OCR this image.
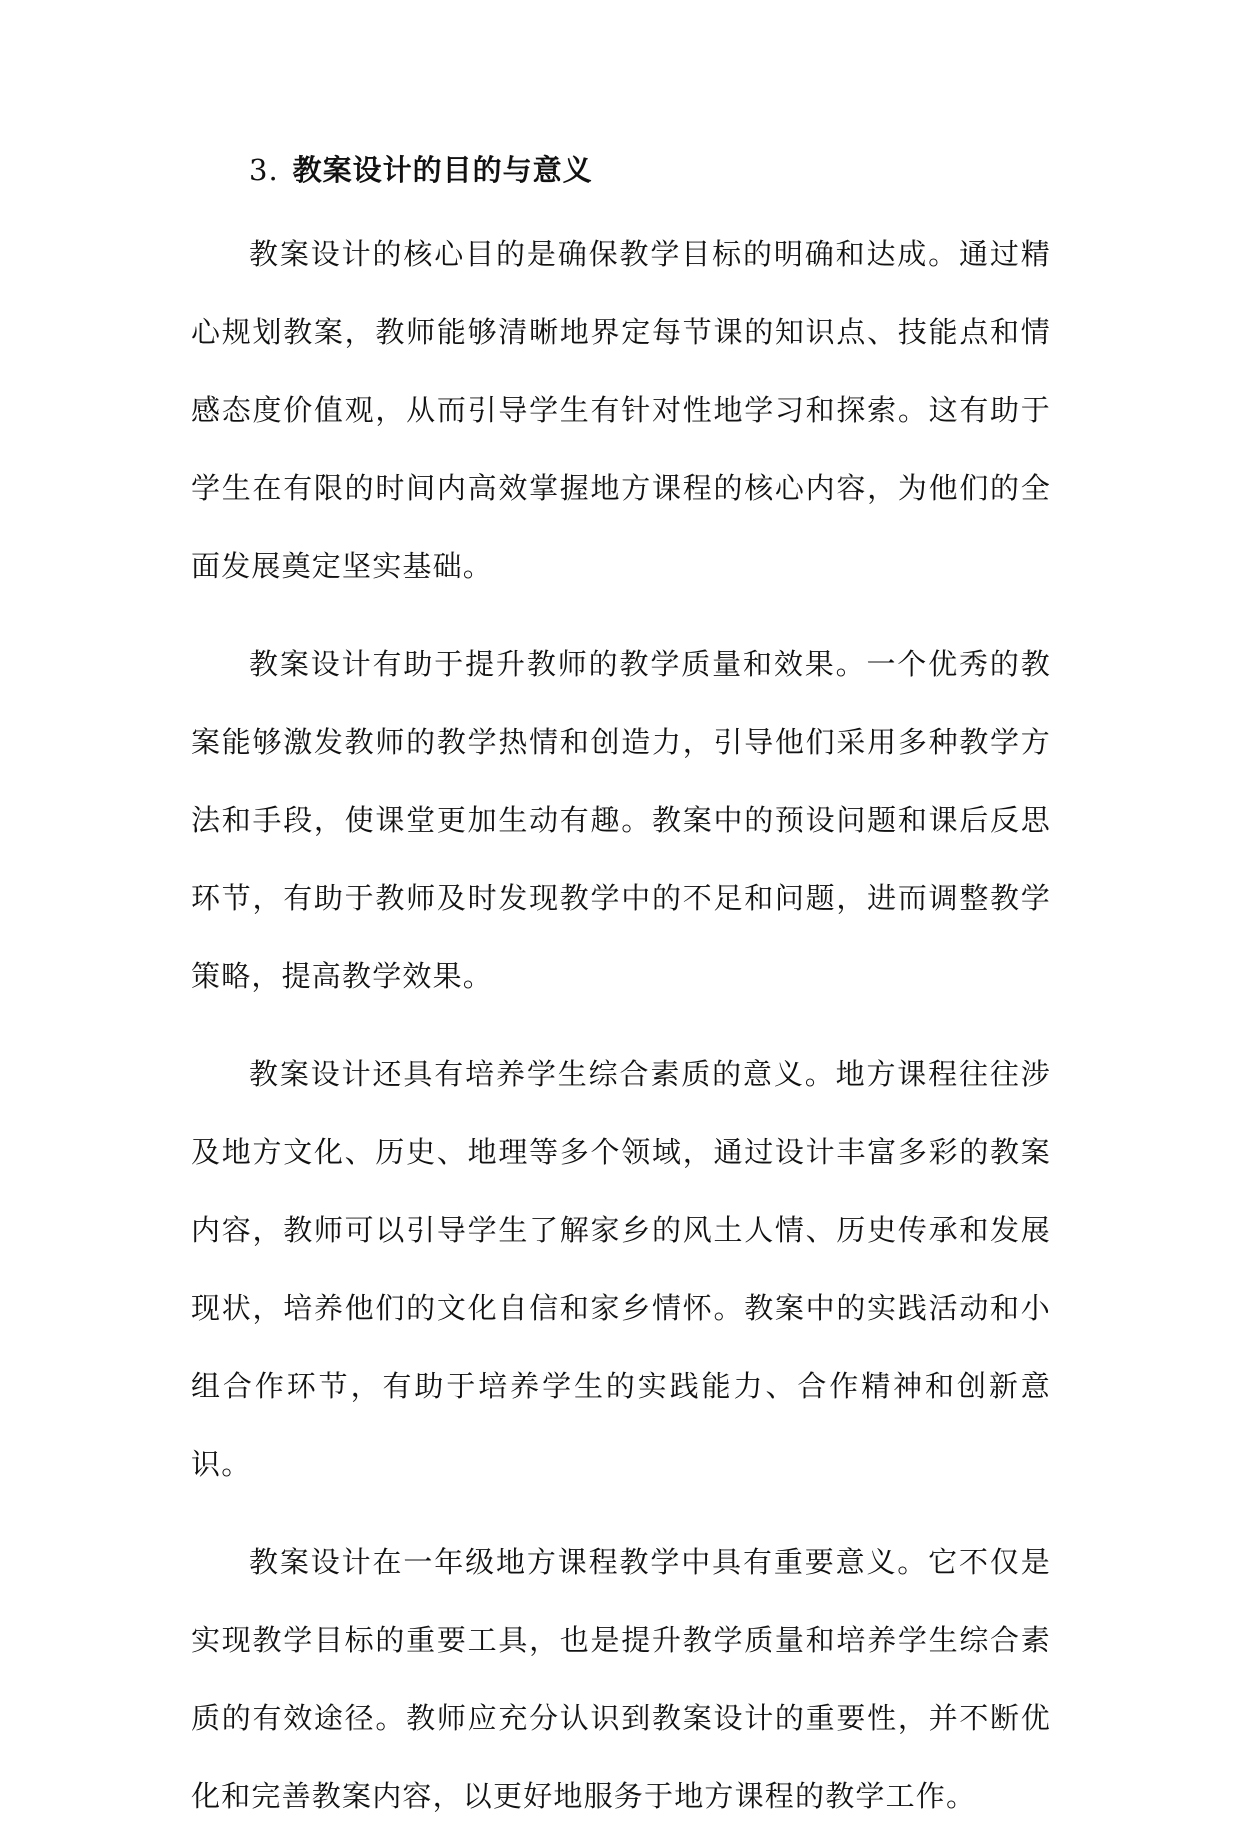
3. 教案设计的目的与意义

教案设计的核心目的是确保教学目标的明确和达成。通过精心规划教案，教师能够清晰地界定每节课的知识点、技能点和情感态度价值观，从而引导学生有针对性地学习和探索。这有助于学生在有限的时间内高效掌握地方课程的核心内容，为他们的全面发展奠定坚实基础。

教案设计有助于提升教师的教学质量和效果。一个优秀的教案能够激发教师的教学热情和创造力，引导他们采用多种教学方法和手段，使课堂更加生动有趣。教案中的预设问题和课后反思环节，有助于教师及时发现教学中的不足和问题，进而调整教学策略，提高教学效果。

教案设计还具有培养学生综合素质的意义。地方课程往往涉及地方文化、历史、地理等多个领域，通过设计丰富多彩的教案内容，教师可以引导学生了解家乡的风土人情、历史传承和发展现状，培养他们的文化自信和家乡情怀。教案中的实践活动和小组合作环节，有助于培养学生的实践能力、合作精神和创新意识。

教案设计在一年级地方课程教学中具有重要意义。它不仅是实现教学目标的重要工具，也是提升教学质量和培养学生综合素质的有效途径。教师应充分认识到教案设计的重要性，并不断优化和完善教案内容，以更好地服务于地方课程的教学工作。
